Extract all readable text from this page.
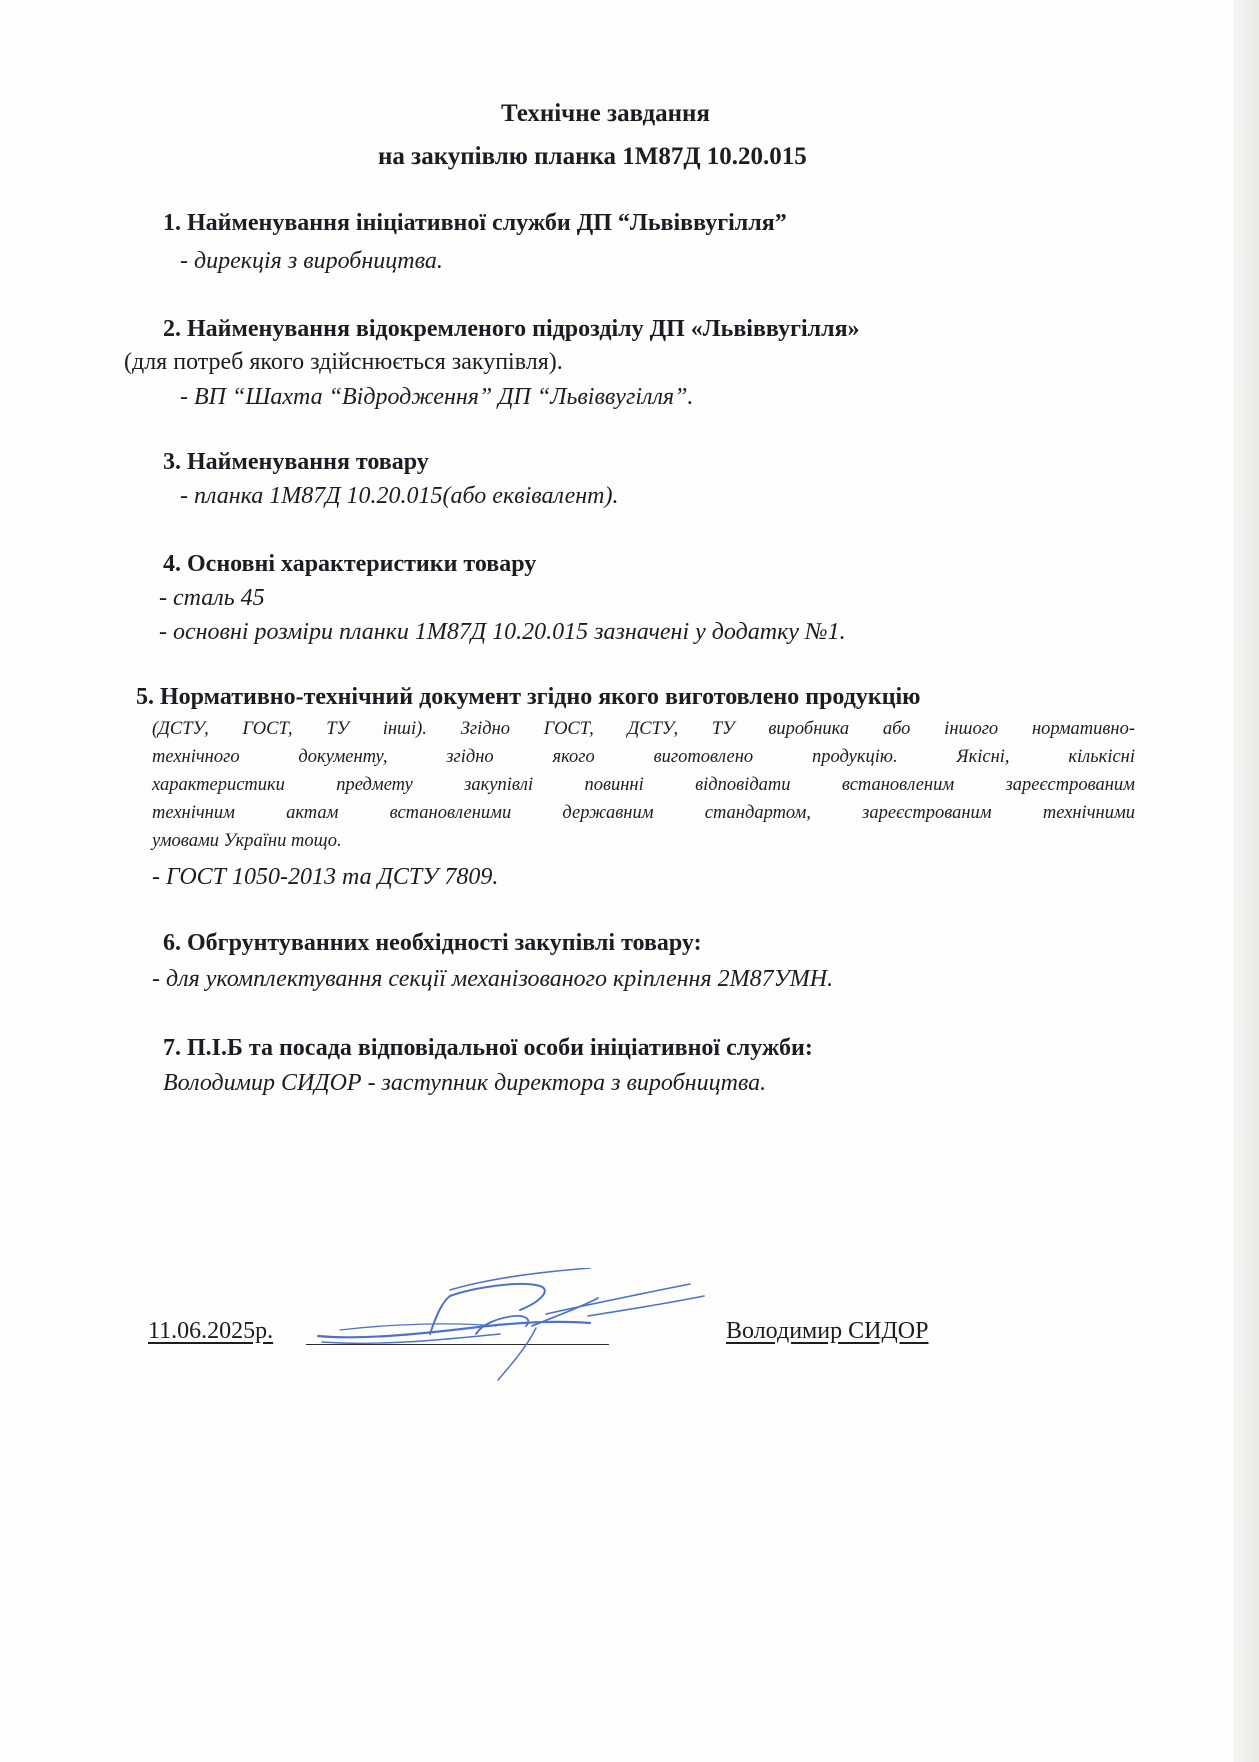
Технічне завдання
на закупівлю планка 1М87Д 10.20.015
1. Найменування ініціативної служби ДП “Львіввугілля”
- дирекція з виробництва.
2. Найменування відокремленого підрозділу ДП «Львіввугілля»
(для потреб якого здійснюється закупівля).
- ВП “Шахта “Відродження” ДП “Львіввугілля”.
3. Найменування товару
- планка 1М87Д 10.20.015(або еквівалент).
4. Основні характеристики товару
- сталь 45
- основні розміри планки 1М87Д 10.20.015 зазначені у додатку №1.
5. Нормативно-технічний документ згідно якого виготовлено продукцію
(ДСТУ, ГОСТ, ТУ інші). Згідно ГОСТ, ДСТУ, ТУ виробника або іншого нормативно-
технічного документу, згідно якого виготовлено продукцію. Якісні, кількісні
характеристики предмету закупівлі повинні відповідати встановленим зареєстрованим
технічним актам встановленими державним стандартом, зареєстрованим технічними
умовами України тощо.
- ГОСТ 1050-2013 та ДСТУ 7809.
6. Обгрунтуванних необхідності закупівлі товару:
- для укомплектування секції механізованого кріплення 2М87УМН.
7. П.І.Б та посада відповідальної особи ініціативної служби:
Володимир СИДОР - заступник директора з виробництва.
11.06.2025р.	Володимир СИДОР
